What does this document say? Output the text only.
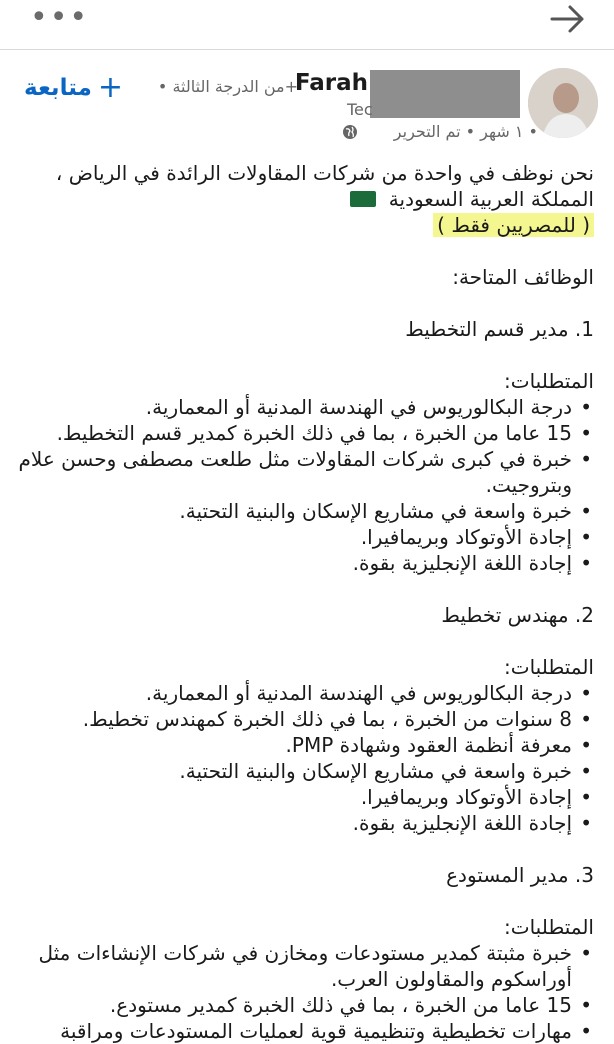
•••
متابعة + • من الدرجة الثالثة+
Farah
Tec
١ شهر • تم التحرير •

نحن نوظف في واحدة من شركات المقاولات الرائدة في الرياض ،

المملكة العربية السعودية

( للمصريين فقط )

الوظائف المتاحة:

1. مدير قسم التخطيط

المتطلبات:

• درجة البكالوريوس في الهندسة المدنية أو المعمارية.

• 15 عاما من الخبرة ، بما في ذلك الخبرة كمدير قسم التخطيط.

• خبرة في كبرى شركات المقاولات مثل طلعت مصطفى وحسن علام وبتروجيت.

• خبرة واسعة في مشاريع الإسكان والبنية التحتية.

• إجادة الأوتوكاد وبريمافيرا.

• إجادة اللغة الإنجليزية بقوة.

2. مهندس تخطيط

المتطلبات:

• درجة البكالوريوس في الهندسة المدنية أو المعمارية.

• 8 سنوات من الخبرة ، بما في ذلك الخبرة كمهندس تخطيط.

• معرفة أنظمة العقود وشهادة PMP.

• خبرة واسعة في مشاريع الإسكان والبنية التحتية.

• إجادة الأوتوكاد وبريمافيرا.

• إجادة اللغة الإنجليزية بقوة.

3. مدير المستودع

المتطلبات:

• خبرة مثبتة كمدير مستودعات ومخازن في شركات الإنشاءات مثل أوراسكوم والمقاولون العرب.

• 15 عاما من الخبرة ، بما في ذلك الخبرة كمدير مستودع.

• مهارات تخطيطية وتنظيمية قوية لعمليات المستودعات ومراقبة
